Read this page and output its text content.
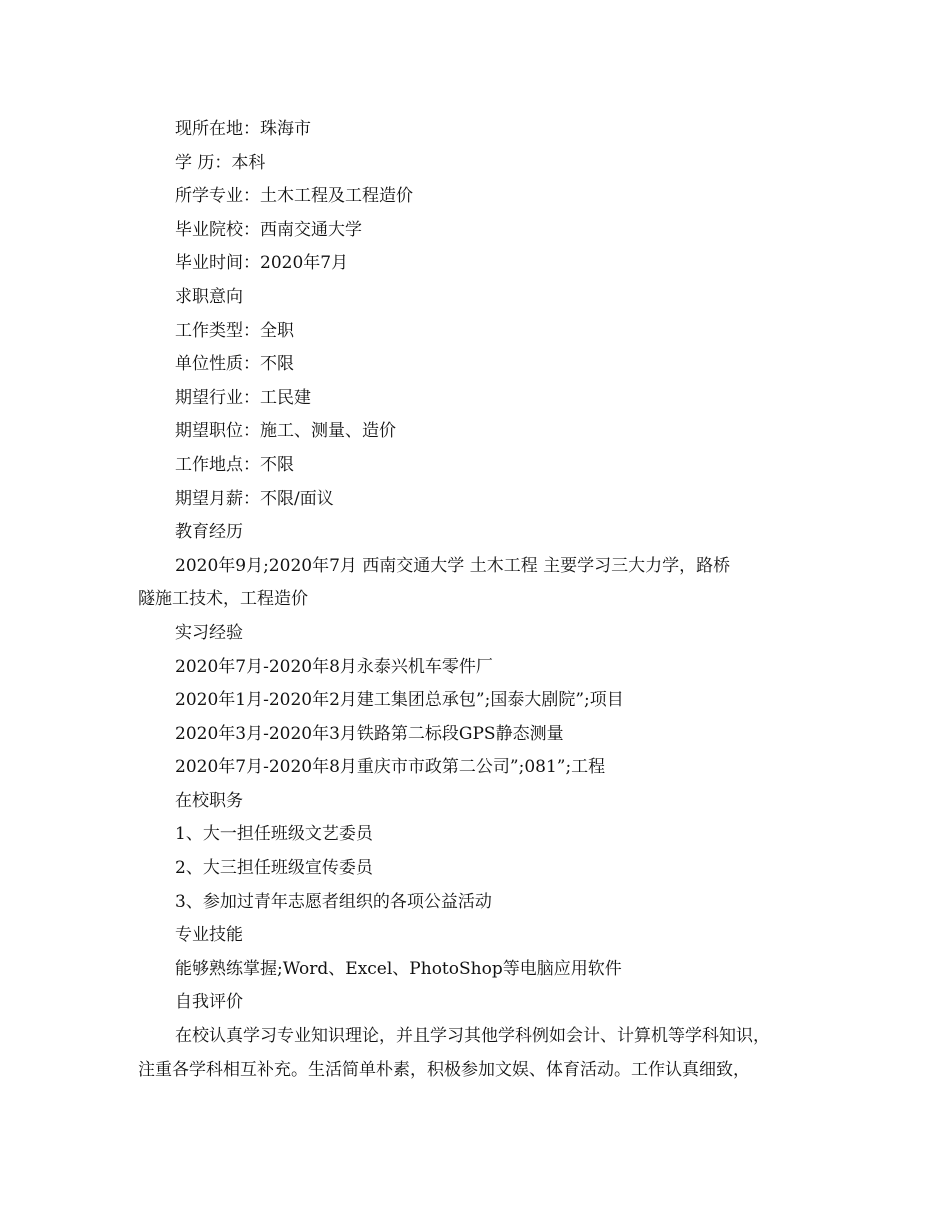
现所在地：珠海市
学 历：本科
所学专业：土木工程及工程造价
毕业院校：西南交通大学
毕业时间：2020年7月
求职意向
工作类型：全职
单位性质：不限
期望行业：工民建
期望职位：施工、测量、造价
工作地点：不限
期望月薪：不限/面议
教育经历
2020年9月;2020年7月 西南交通大学 土木工程 主要学习三大力学，路桥
隧施工技术，工程造价
实习经验
2020年7月-2020年8月永泰兴机车零件厂
2020年1月-2020年2月建工集团总承包”;国泰大剧院”;项目
2020年3月-2020年3月铁路第二标段GPS静态测量
2020年7月-2020年8月重庆市市政第二公司”;081”;工程
在校职务
1、大一担任班级文艺委员
2、大三担任班级宣传委员
3、参加过青年志愿者组织的各项公益活动
专业技能
能够熟练掌握;Word、Excel、PhotoShop等电脑应用软件
自我评价
在校认真学习专业知识理论，并且学习其他学科例如会计、计算机等学科知识，
注重各学科相互补充。生活简单朴素，积极参加文娱、体育活动。工作认真细致，
